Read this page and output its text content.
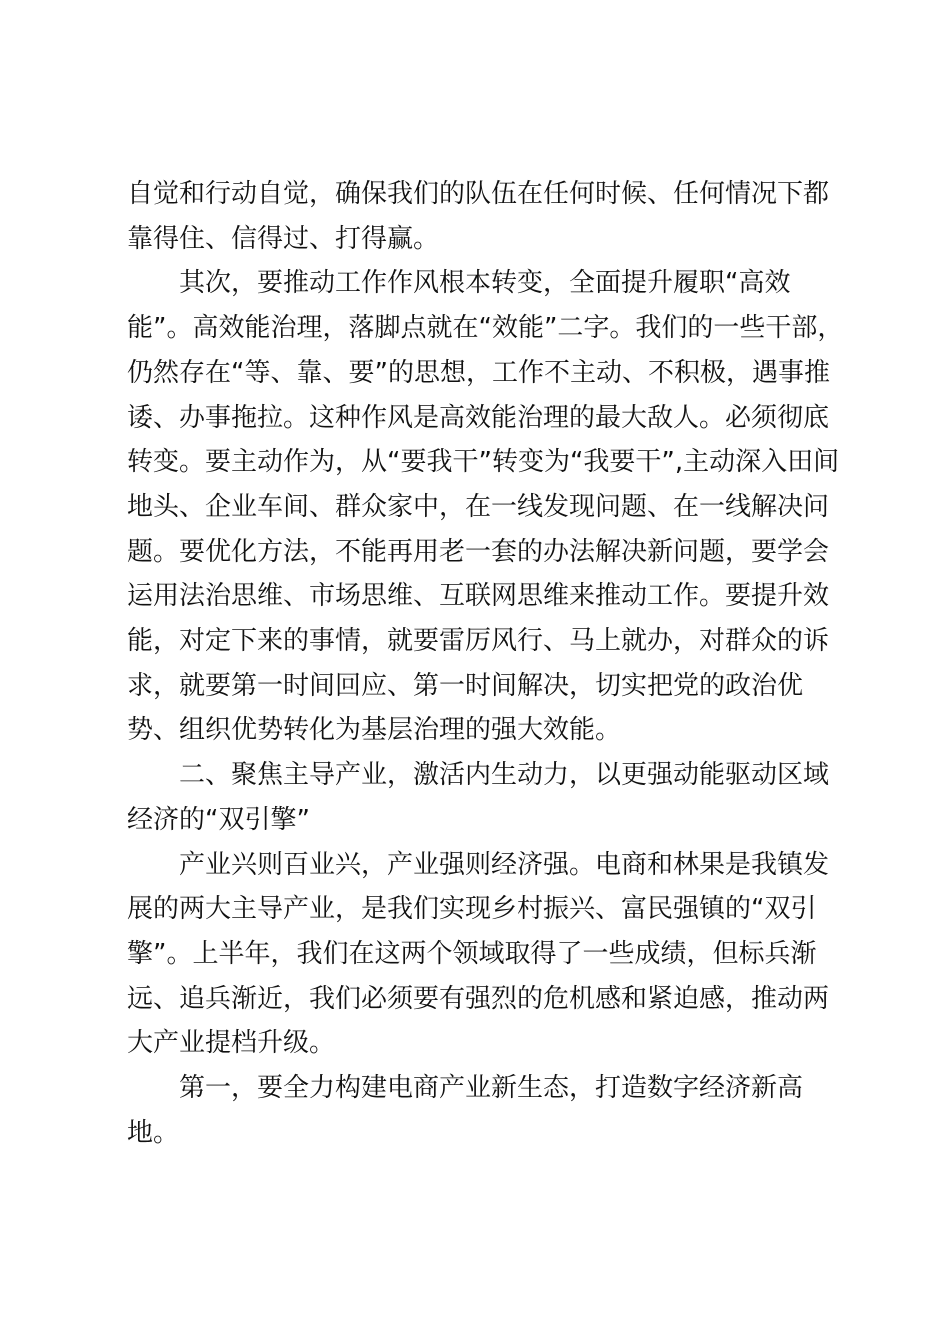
自觉和行动自觉，确保我们的队伍在任何时候、任何情况下都
靠得住、信得过、打得赢。

其次，要推动工作作风根本转变，全面提升履职“高效
能”。高效能治理，落脚点就在“效能”二字。我们的一些干部，
仍然存在“等、靠、要”的思想，工作不主动、不积极，遇事推
诿、办事拖拉。这种作风是高效能治理的最大敌人。必须彻底
转变。要主动作为，从“要我干”转变为“我要干”,主动深入田间
地头、企业车间、群众家中，在一线发现问题、在一线解决问
题。要优化方法，不能再用老一套的办法解决新问题，要学会
运用法治思维、市场思维、互联网思维来推动工作。要提升效
能，对定下来的事情，就要雷厉风行、马上就办，对群众的诉
求，就要第一时间回应、第一时间解决，切实把党的政治优
势、组织优势转化为基层治理的强大效能。

二、聚焦主导产业，激活内生动力，以更强动能驱动区域
经济的“双引擎”

产业兴则百业兴，产业强则经济强。电商和林果是我镇发
展的两大主导产业，是我们实现乡村振兴、富民强镇的“双引
擎”。上半年，我们在这两个领域取得了一些成绩，但标兵渐
远、追兵渐近，我们必须要有强烈的危机感和紧迫感，推动两
大产业提档升级。

第一，要全力构建电商产业新生态，打造数字经济新高
地。
